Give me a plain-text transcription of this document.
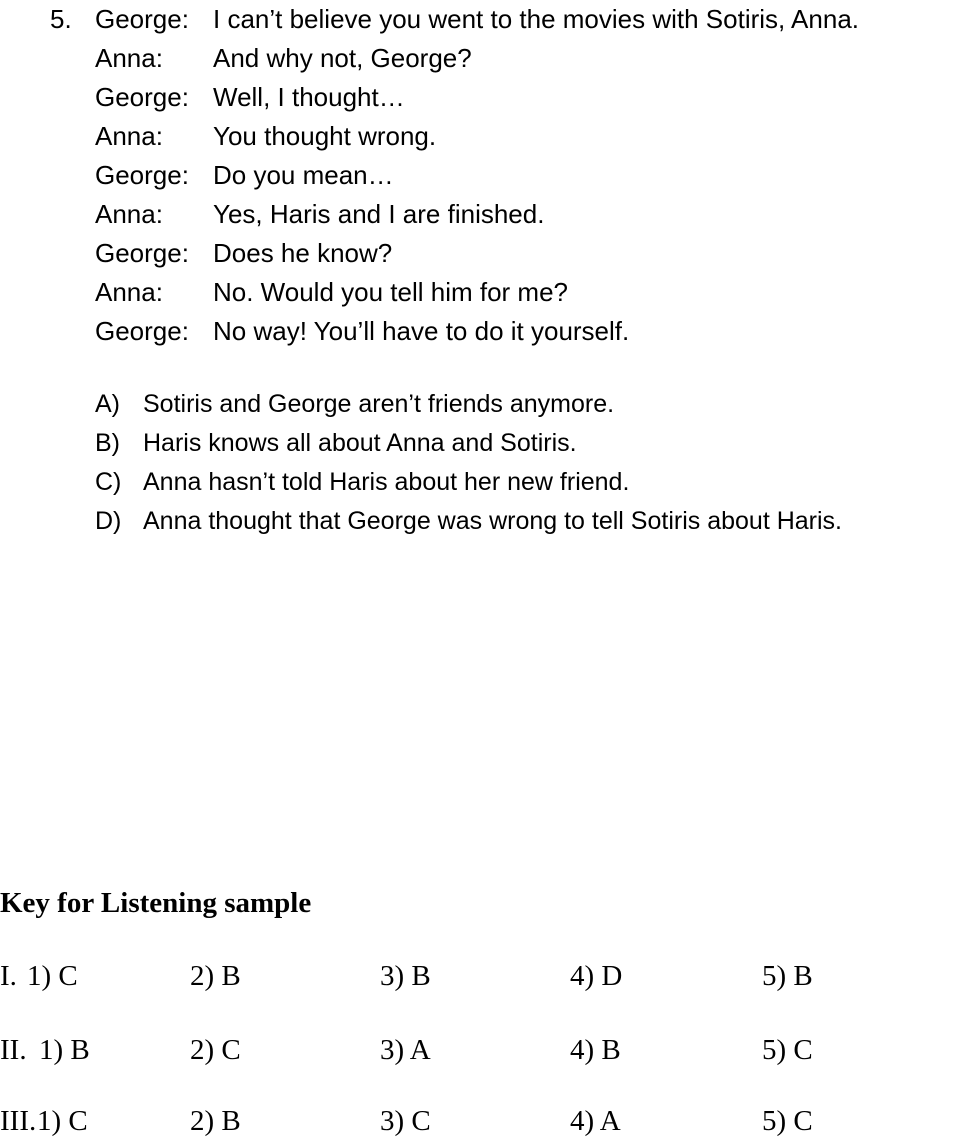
5. George: I can’t believe you went to the movies with Sotiris, Anna.
Anna:	And why not, George?
George: Well, I thought…
Anna:	You thought wrong.
George: Do you mean…
Anna:	Yes, Haris and I are finished.
George: Does he know?
Anna:	No. Would you tell him for me?
George: No way! You’ll have to do it yourself.
A) Sotiris and George aren’t friends anymore.
B) Haris knows all about Anna and Sotiris.
C) Anna hasn’t told Haris about her new friend.
D) Anna thought that George was wrong to tell Sotiris about Haris.
Key for Listening sample
I. 1) C	2) B	3) B	4) D	5) B
II. 1) B	2) C	3) A	4) B	5) C
III. 1) C	2) B	3) C	4) A	5) C
